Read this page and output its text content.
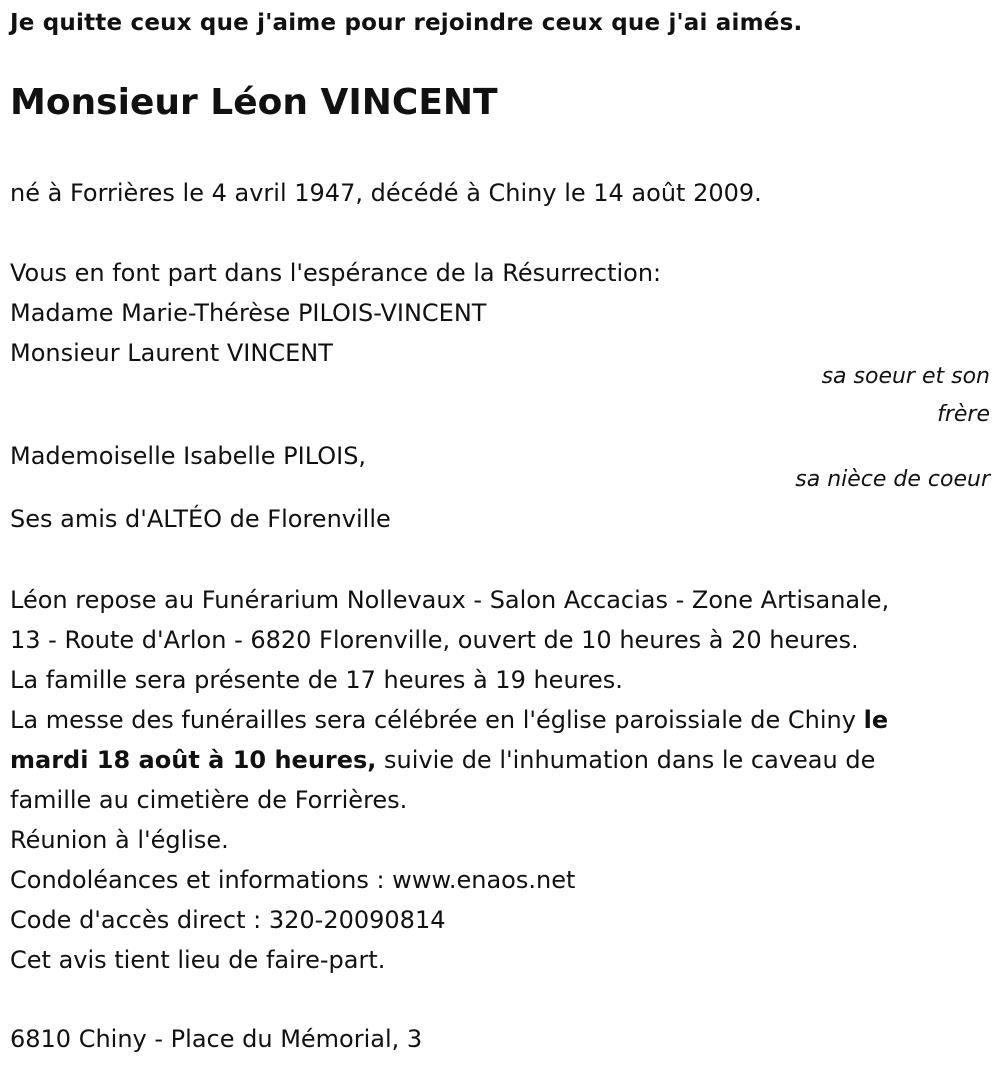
Je quitte ceux que j'aime pour rejoindre ceux que j'ai aimés.
Monsieur Léon VINCENT
né à Forrières le 4 avril 1947, décédé à Chiny le 14 août 2009.
Vous en font part dans l'espérance de la Résurrection:
Madame Marie-Thérèse PILOIS-VINCENT
Monsieur Laurent VINCENT
sa soeur et son
frère
Mademoiselle Isabelle PILOIS,
sa nièce de coeur
Ses amis d'ALTÉO de Florenville

Léon repose au Funérarium Nollevaux - Salon Accacias - Zone Artisanale,

13 - Route d'Arlon - 6820 Florenville, ouvert de 10 heures à 20 heures.

La famille sera présente de 17 heures à 19 heures.

La messe des funérailles sera célébrée en l'église paroissiale de Chiny le

mardi 18 août à 10 heures, suivie de l'inhumation dans le caveau de

famille au cimetière de Forrières.

Réunion à l'église.

Condoléances et informations : www.enaos.net

Code d'accès direct : 320-20090814

Cet avis tient lieu de faire-part.

6810 Chiny - Place du Mémorial, 3
